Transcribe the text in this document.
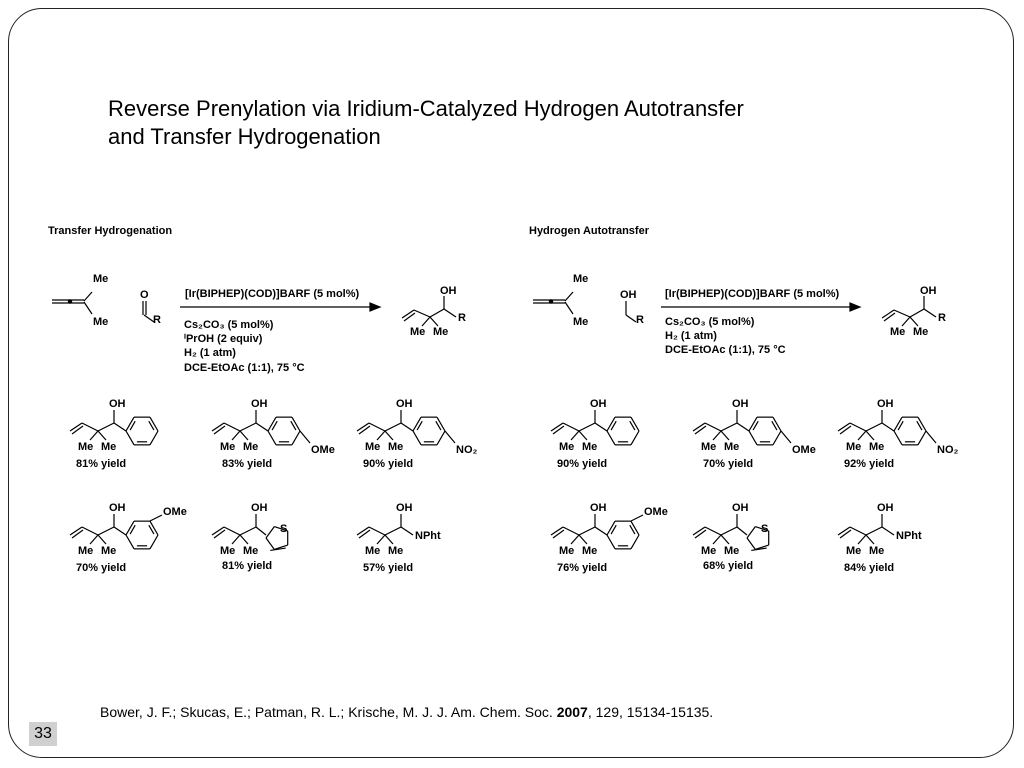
Reverse Prenylation via Iridium-Catalyzed Hydrogen Autotransfer
and Transfer Hydrogenation
Transfer Hydrogenation
Me
Me
O
R
[Ir(BIPHEP)(COD)]BARF (5 mol%)
Cs₂CO₃ (5 mol%)
ⁱPrOH (2 equiv)
H₂ (1 atm)
DCE-EtOAc (1:1), 75 °C
OH
R
Me Me
Hydrogen Autotransfer
Me
Me
OH
R
[Ir(BIPHEP)(COD)]BARF (5 mol%)
Cs₂CO₃ (5 mol%)
H₂ (1 atm)
DCE-EtOAc (1:1), 75 °C
OH
R
Me Me
OH
Me Me
81% yield
OH
Me Me	OMe
83% yield
OH
Me Me	NO₂
90% yield
OH
Me Me
OMe
70% yield
OH
Me Me
S
81% yield
OH
Me Me
NPht
57% yield
OH
Me Me
90% yield
OH
Me Me	OMe
70% yield
OH
Me Me	NO₂
92% yield
OH
Me Me
OMe
76% yield
OH
Me Me
S
68% yield
OH
Me Me
NPht
84% yield
Bower, J. F.; Skucas, E.; Patman, R. L.; Krische, M. J. J. Am. Chem. Soc. 2007, 129, 15134-15135.
33
